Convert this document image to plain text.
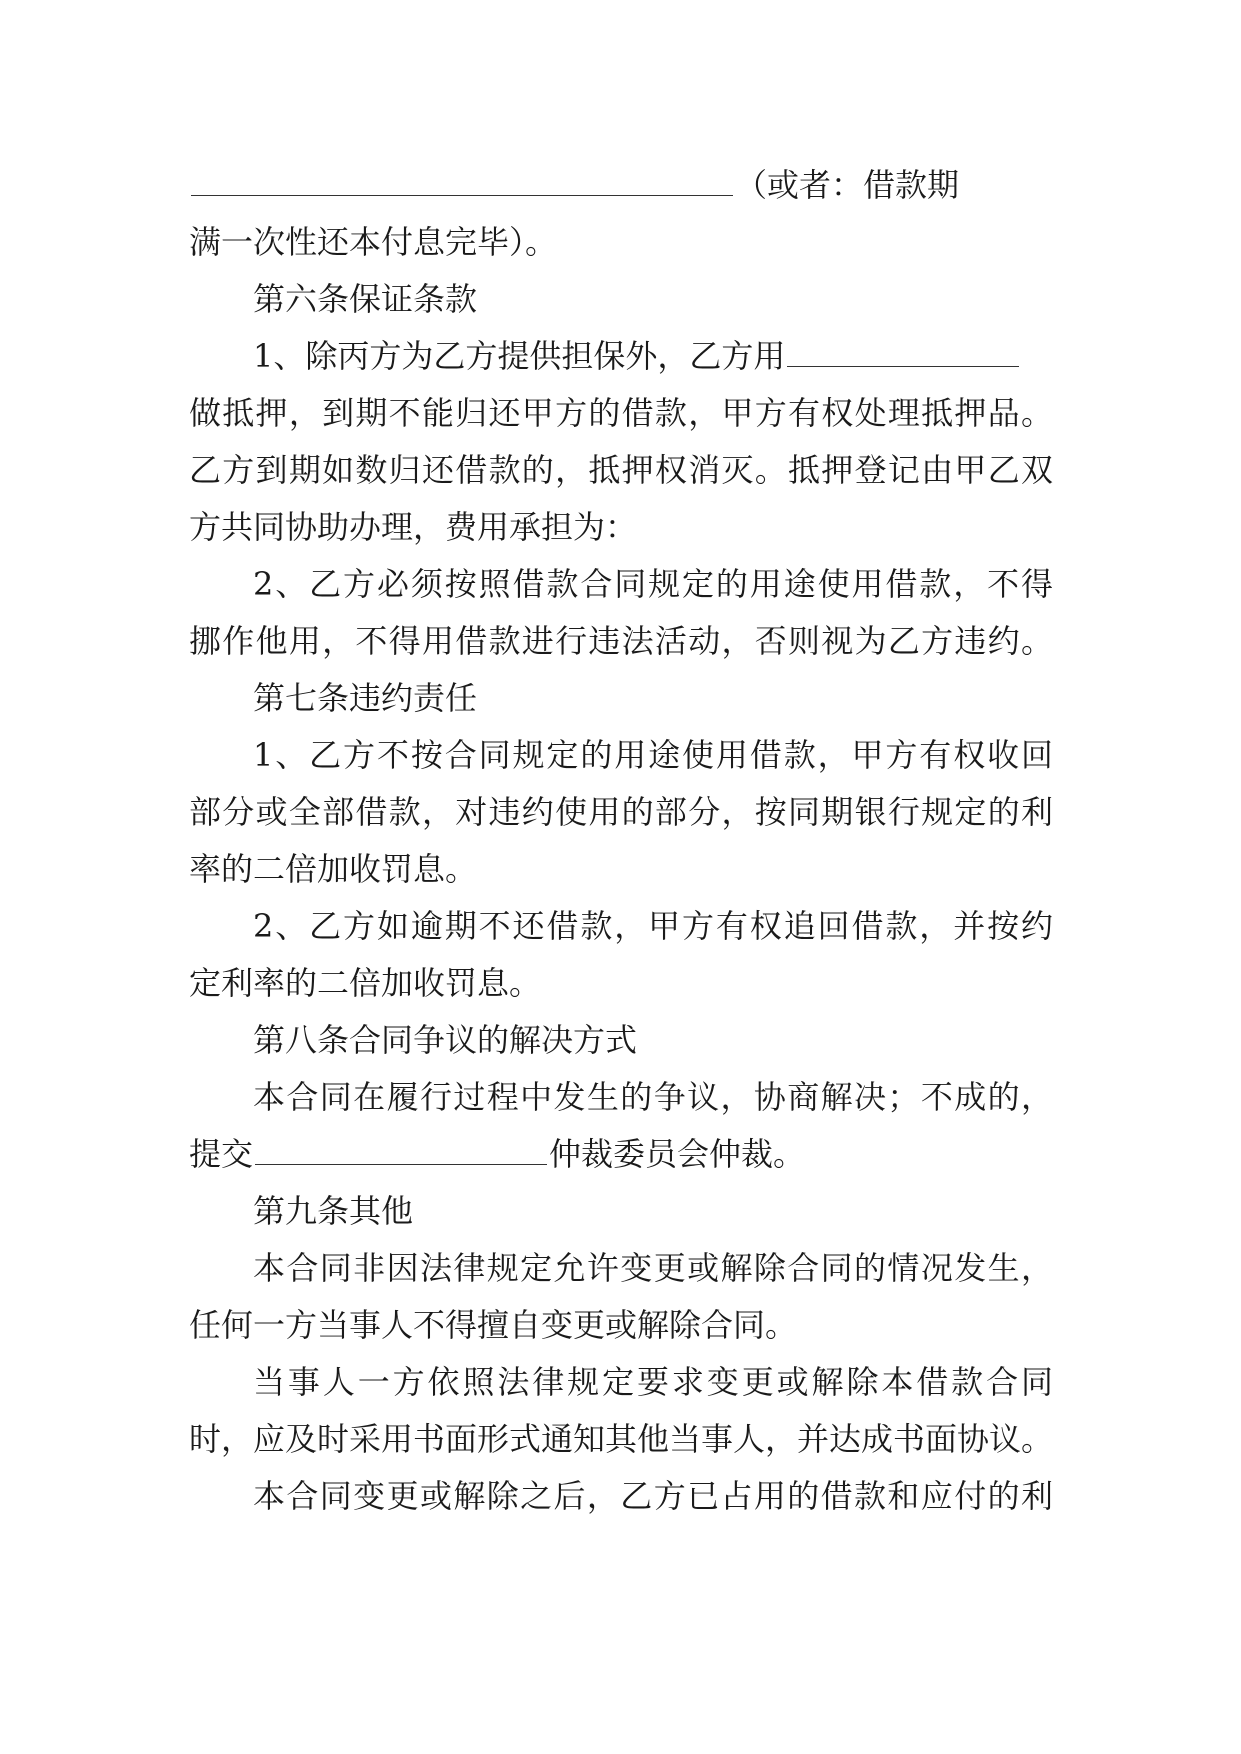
（或者：借款期
满一次性还本付息完毕）。
第六条保证条款
1、除丙方为乙方提供担保外，乙方用
做抵押，到期不能归还甲方的借款，甲方有权处理抵押品。
乙方到期如数归还借款的，抵押权消灭。抵押登记由甲乙双
方共同协助办理，费用承担为：
2、乙方必须按照借款合同规定的用途使用借款，不得
挪作他用，不得用借款进行违法活动，否则视为乙方违约。
第七条违约责任
1、乙方不按合同规定的用途使用借款，甲方有权收回
部分或全部借款，对违约使用的部分，按同期银行规定的利
率的二倍加收罚息。
2、乙方如逾期不还借款，甲方有权追回借款，并按约
定利率的二倍加收罚息。
第八条合同争议的解决方式
本合同在履行过程中发生的争议，协商解决；不成的，
提交	仲裁委员会仲裁。
第九条其他
本合同非因法律规定允许变更或解除合同的情况发生，
任何一方当事人不得擅自变更或解除合同。
当事人一方依照法律规定要求变更或解除本借款合同
时，应及时采用书面形式通知其他当事人，并达成书面协议。
本合同变更或解除之后，乙方已占用的借款和应付的利
